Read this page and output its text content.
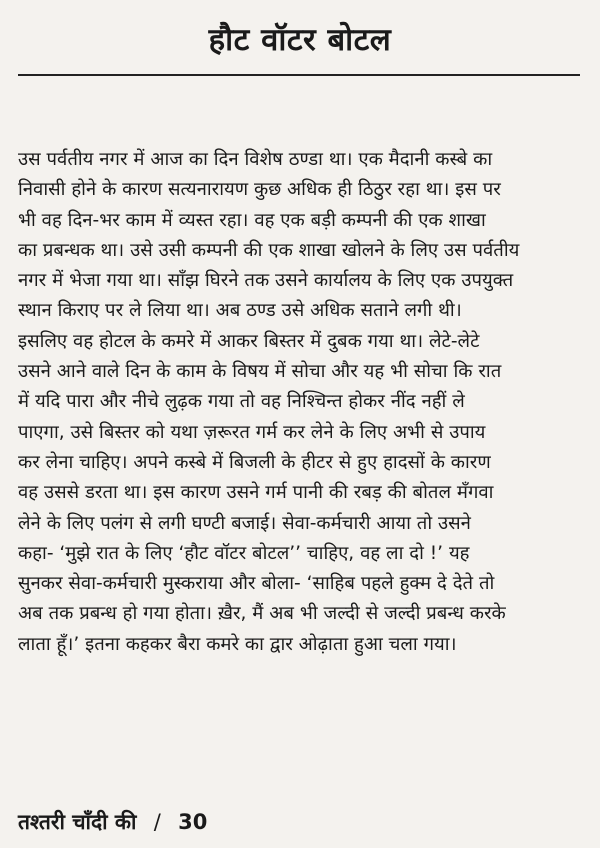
हौट वॉटर बोटल
उस पर्वतीय नगर में आज का दिन विशेष ठण्डा था। एक मैदानी कस्बे का
निवासी होने के कारण सत्यनारायण कुछ अधिक ही ठिठुर रहा था। इस पर
भी वह दिन-भर काम में व्यस्त रहा। वह एक बड़ी कम्पनी की एक शाखा
का प्रबन्धक था। उसे उसी कम्पनी की एक शाखा खोलने के लिए उस पर्वतीय
नगर में भेजा गया था। साँझ घिरने तक उसने कार्यालय के लिए एक उपयुक्त
स्थान किराए पर ले लिया था। अब ठण्ड उसे अधिक सताने लगी थी।
इसलिए वह होटल के कमरे में आकर बिस्तर में दुबक गया था। लेटे-लेटे
उसने आने वाले दिन के काम के विषय में सोचा और यह भी सोचा कि रात
में यदि पारा और नीचे लुढ़क गया तो वह निश्चिन्त होकर नींद नहीं ले
पाएगा, उसे बिस्तर को यथा ज़रूरत गर्म कर लेने के लिए अभी से उपाय
कर लेना चाहिए। अपने कस्बे में बिजली के हीटर से हुए हादसों के कारण
वह उससे डरता था। इस कारण उसने गर्म पानी की रबड़ की बोतल मँगवा
लेने के लिए पलंग से लगी घण्टी बजाई। सेवा-कर्मचारी आया तो उसने
कहा- ‘मुझे रात के लिए ‘हौट वॉटर बोटल’’ चाहिए, वह ला दो !’ यह
सुनकर सेवा-कर्मचारी मुस्कराया और बोला- ‘साहिब पहले हुक्म दे देते तो
अब तक प्रबन्ध हो गया होता। ख़ैर, मैं अब भी जल्दी से जल्दी प्रबन्ध करके
लाता हूँ।’ इतना कहकर बैरा कमरे का द्वार ओढ़ाता हुआ चला गया।
तश्तरी चाँदी की / 30
